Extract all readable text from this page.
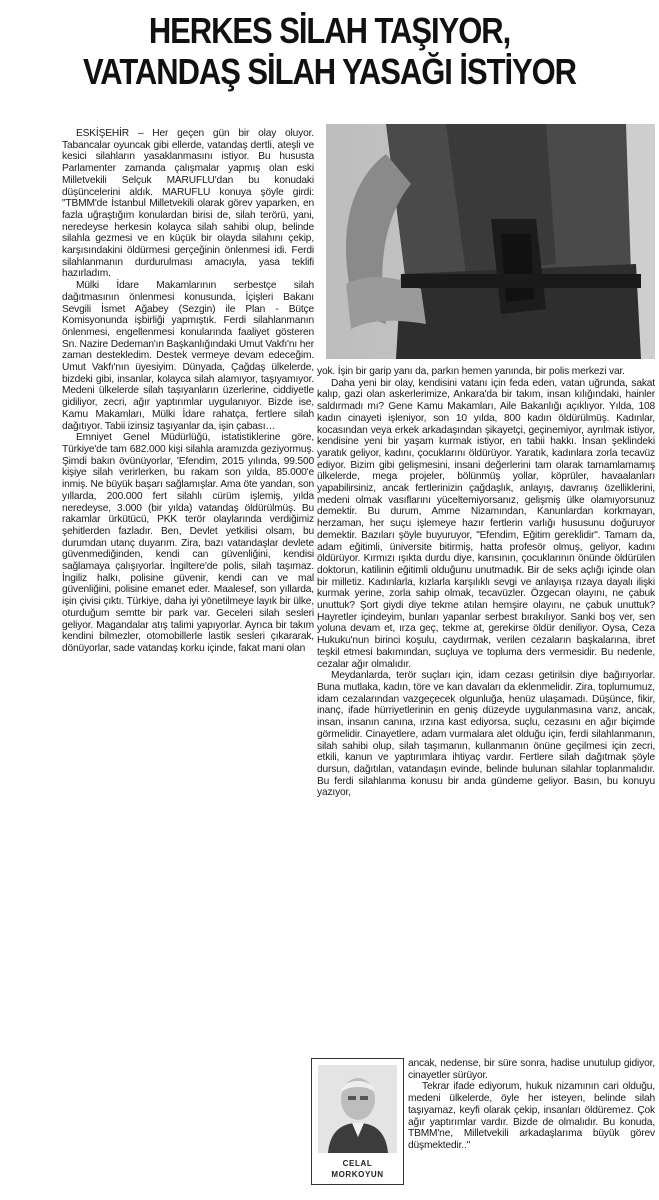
HERKES SİLAH TAŞIYOR,
VATANDAŞ SİLAH YASAĞI İSTİYOR

ESKİŞEHİR – Her geçen gün bir olay oluyor. Tabancalar oyuncak gibi ellerde, vatandaş dertli, ateşli ve kesici silahların yasaklanmasını istiyor. Bu hususta Parlamenter zamanda çalışmalar yapmış olan eski Milletvekili Selçuk MARUFLU'dan bu konudaki düşüncelerini aldık. MARUFLU konuya şöyle girdi: "TBMM'de İstanbul Milletvekili olarak görev yaparken, en fazla uğraştığım konulardan birisi de, silah terörü, yani, neredeyse herkesin kolayca silah sahibi olup, belinde silahla gezmesi ve en küçük bir olayda silahını çekip, karşısındakini öldürmesi gerçeğinin önlenmesi idi. Ferdi silahlanmanın durdurulması amacıyla, yasa teklifi hazırladım.

Mülki İdare Makamlarının serbestçe silah dağıtmasının önlenmesi konusunda, İçişleri Bakanı Sevgili İsmet Ağabey (Sezgin) ile Plan - Bütçe Komisyonunda işbirliği yapmıştık. Ferdi silahlanmanın önlenmesi, engellenmesi konularında faaliyet gösteren Sn. Nazire Dedeman'ın Başkanlığındaki Umut Vakfı'nı her zaman destekledim. Destek vermeye devam edeceğim. Umut Vakfı'nın üyesiyim. Dünyada, Çağdaş ülkelerde, bizdeki gibi, insanlar, kolayca silah alamıyor, taşıyamıyor. Medeni ülkelerde silah taşıyanların üzerlerine, ciddiyetle gidiliyor, zecri, ağır yaptırımlar uygulanıyor. Bizde ise, Kamu Makamları, Mülki İdare rahatça, fertlere silah dağıtıyor. Tabii izinsiz taşıyanlar da, işin çabası…

Emniyet Genel Müdürlüğü, istatistiklerine göre, Türkiye'de tam 682.000 kişi silahla aramızda geziyormuş. Şimdi bakın övünüyorlar, 'Efendim, 2015 yılında, 99.500 kişiye silah verirlerken, bu rakam son yılda, 85.000'e inmiş. Ne büyük başarı sağlamışlar. Ama öte yandan, son yıllarda, 200.000 fert silahlı cürüm işlemiş, yılda neredeyse, 3.000 (bir yılda) vatandaş öldürülmüş. Bu rakamlar ürkütücü, PKK terör olaylarında verdiğimiz şehitlerden fazladır. Ben, Devlet yetkilisi olsam, bu durumdan utanç duyarım. Zira, bazı vatandaşlar devlete güvenmediğinden, kendi can güvenliğini, kendisi sağlamaya çalışıyorlar. İngiltere'de polis, silah taşımaz. İngiliz halkı, polisine güvenir, kendi can ve mal güvenliğini, polisine emanet eder. Maalesef, son yıllarda, işin çivisi çıktı. Türkiye, daha iyi yönetilmeye layık bir ülke, oturduğum semtte bir park var. Geceleri silah sesleri geliyor. Magandalar atış talimi yapıyorlar. Ayrıca bir takım kendini bilmezler, otomobillerle lastik sesleri çıkararak, dönüyorlar, sade vatandaş korku içinde, fakat mani olan

yok. İşin bir garip yanı da, parkın hemen yanında, bir polis merkezi var.

Daha yeni bir olay, kendisini vatanı için feda eden, vatan uğrunda, sakat kalıp, gazi olan askerlerimize, Ankara'da bir takım, insan kılığındaki, hainler saldırmadı mı? Gene Kamu Makamları, Aile Bakanlığı açıklıyor. Yılda, 108 kadın cinayeti işleniyor, son 10 yılda, 800 kadın öldürülmüş. Kadınlar, kocasından veya erkek arkadaşından şikayetçi, geçinemiyor, ayrılmak istiyor, kendisine yeni bir yaşam kurmak istiyor, en tabii hakkı. İnsan şeklindeki yaratık geliyor, kadını, çocuklarını öldürüyor. Yaratık, kadınlara zorla tecavüz ediyor. Bizim gibi gelişmesini, insani değerlerini tam olarak tamamlamamış ülkelerde, mega projeler, bölünmüş yollar, köprüler, havaalanları yapabilirsiniz, ancak fertlerinizin çağdaşlık, anlayış, davranış özelliklerini, medeni olmak vasıflarını yüceltemiyorsanız, gelişmiş ülke olamıyorsunuz demektir. Bu durum, Amme Nizamından, Kanunlardan korkmayan, herzaman, her suçu işlemeye hazır fertlerin varlığı hususunu doğuruyor demektir. Bazıları şöyle buyuruyor, "Efendim, Eğitim gereklidir". Tamam da, adam eğitimli, üniversite bitirmiş, hatta profesör olmuş, geliyor, kadını öldürüyor. Kırmızı ışıkta durdu diye, karısının, çocuklarının önünde öldürülen doktorun, katilinin eğitimli olduğunu unutmadık. Bir de seks açlığı içinde olan bir milletiz. Kadınlarla, kızlarla karşılıklı sevgi ve anlayışa rızaya dayalı ilişki kurmak yerine, zorla sahip olmak, tecavüzler. Özgecan olayını, ne çabuk unuttuk? Şort giydi diye tekme atılan hemşire olayını, ne çabuk unuttuk? Hayretler içindeyim, bunları yapanlar serbest bırakılıyor. Sanki boş ver, sen yoluna devam et, ırza geç, tekme at, gerekirse öldür deniliyor. Oysa, Ceza Hukuku'nun birinci koşulu, caydırmak, verilen cezaların başkalarına, ibret teşkil etmesi bakımından, suçluya ve topluma ders vermesidir. Bu nedenle, cezalar ağır olmalıdır.

Meydanlarda, terör suçları için, idam cezası getirilsin diye bağırıyorlar. Buna mutlaka, kadın, töre ve kan davaları da eklenmelidir. Zira, toplumumuz, idam cezalarından vazgeçecek olgunluğa, henüz ulaşamadı. Düşünce, fikir, inanç, ifade hürriyetlerinin en geniş düzeyde uygulanmasına varız, ancak, insan, insanın canına, ırzına kast ediyorsa, suçlu, cezasını en ağır biçimde görmelidir. Cinayetlere, adam vurmalara alet olduğu için, ferdi silahlanmanın, silah sahibi olup, silah taşımanın, kullanmanın önüne geçilmesi için zecri, etkili, kanun ve yaptırımlara ihtiyaç vardır. Fertlere silah dağıtmak şöyle dursun, dağıtılan, vatandaşın evinde, belinde bulunan silahlar toplanmalıdır. Bu ferdi silahlanma konusu bir anda gündeme geliyor. Basın, bu konuyu yazıyor,

CELAL
MORKOYUN

ancak, nedense, bir süre sonra, hadise unutulup gidiyor, cinayetler sürüyor.

Tekrar ifade ediyorum, hukuk nizamının cari olduğu, medeni ülkelerde, öyle her isteyen, belinde silah taşıyamaz, keyfi olarak çekip, insanları öldüremez. Çok ağır yaptırımlar vardır. Bizde de olmalıdır. Bu konuda, TBMM'ne, Milletvekili arkadaşlarıma büyük görev düşmektedir.."
